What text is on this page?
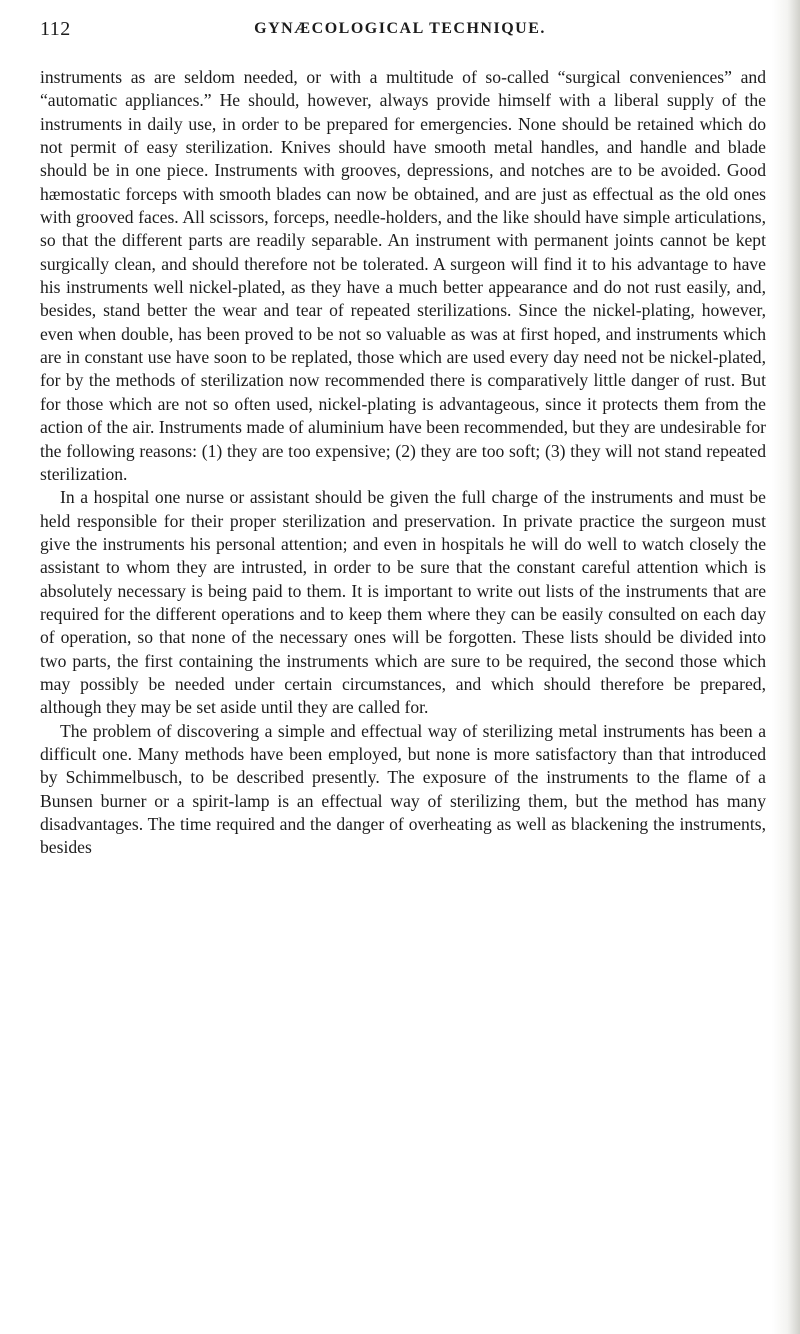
112	GYNÆCOLOGICAL TECHNIQUE.

instruments as are seldom needed, or with a multitude of so-called “surgical conveniences” and “automatic appliances.” He should, however, always provide himself with a liberal supply of the instruments in daily use, in order to be prepared for emergencies. None should be retained which do not permit of easy sterilization. Knives should have smooth metal handles, and handle and blade should be in one piece. Instruments with grooves, depressions, and notches are to be avoided. Good hæmostatic forceps with smooth blades can now be obtained, and are just as effectual as the old ones with grooved faces. All scissors, forceps, needle-holders, and the like should have simple articulations, so that the different parts are readily separable. An instrument with permanent joints cannot be kept surgically clean, and should therefore not be tolerated. A surgeon will find it to his advantage to have his instruments well nickel-plated, as they have a much better appearance and do not rust easily, and, besides, stand better the wear and tear of repeated sterilizations. Since the nickel-plating, however, even when double, has been proved to be not so valuable as was at first hoped, and instruments which are in constant use have soon to be replated, those which are used every day need not be nickel-plated, for by the methods of sterilization now recommended there is comparatively little danger of rust. But for those which are not so often used, nickel-plating is advantageous, since it protects them from the action of the air. Instruments made of aluminium have been recommended, but they are undesirable for the following reasons: (1) they are too expensive; (2) they are too soft; (3) they will not stand repeated sterilization.

In a hospital one nurse or assistant should be given the full charge of the instruments and must be held responsible for their proper sterilization and preservation. In private practice the surgeon must give the instruments his personal attention; and even in hospitals he will do well to watch closely the assistant to whom they are intrusted, in order to be sure that the constant careful attention which is absolutely necessary is being paid to them. It is important to write out lists of the instruments that are required for the different operations and to keep them where they can be easily consulted on each day of operation, so that none of the necessary ones will be forgotten. These lists should be divided into two parts, the first containing the instruments which are sure to be required, the second those which may possibly be needed under certain circumstances, and which should therefore be prepared, although they may be set aside until they are called for.

The problem of discovering a simple and effectual way of sterilizing metal instruments has been a difficult one. Many methods have been employed, but none is more satisfactory than that introduced by Schimmelbusch, to be described presently. The exposure of the instruments to the flame of a Bunsen burner or a spirit-lamp is an effectual way of sterilizing them, but the method has many disadvantages. The time required and the danger of overheating as well as blackening the instruments, besides
